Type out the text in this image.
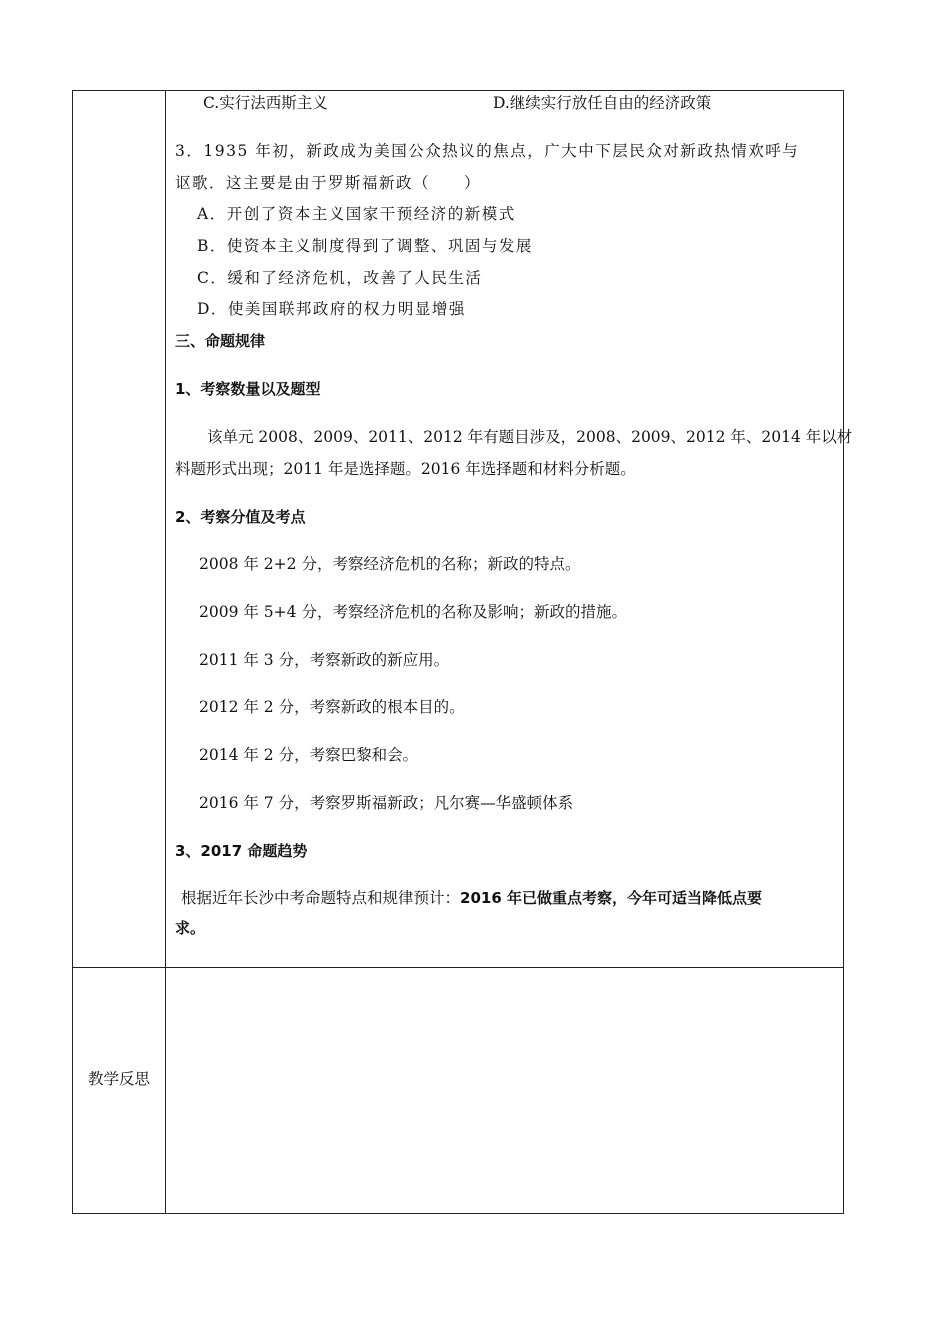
C.实行法西斯主义	D.继续实行放任自由的经济政策
3．1935 年初，新政成为美国公众热议的焦点，广大中下层民众对新政热情欢呼与
讴歌．这主要是由于罗斯福新政（　　）
A．开创了资本主义国家干预经济的新模式
B．使资本主义制度得到了调整、巩固与发展
C．缓和了经济危机，改善了人民生活
D．使美国联邦政府的权力明显增强
三、命题规律
1、考察数量以及题型
该单元 2008、2009、2011、2012 年有题目涉及，2008、2009、2012 年、2014 年以材
料题形式出现；2011 年是选择题。2016 年选择题和材料分析题。
2、考察分值及考点
2008 年 2+2 分，考察经济危机的名称；新政的特点。
2009 年 5+4 分，考察经济危机的名称及影响；新政的措施。
2011 年 3 分，考察新政的新应用。
2012 年 2 分，考察新政的根本目的。
2014 年 2 分，考察巴黎和会。
2016 年 7 分，考察罗斯福新政；凡尔赛—华盛顿体系
3、2017 命题趋势
根据近年长沙中考命题特点和规律预计：2016 年已做重点考察，今年可适当降低点要
求。
教学反思
